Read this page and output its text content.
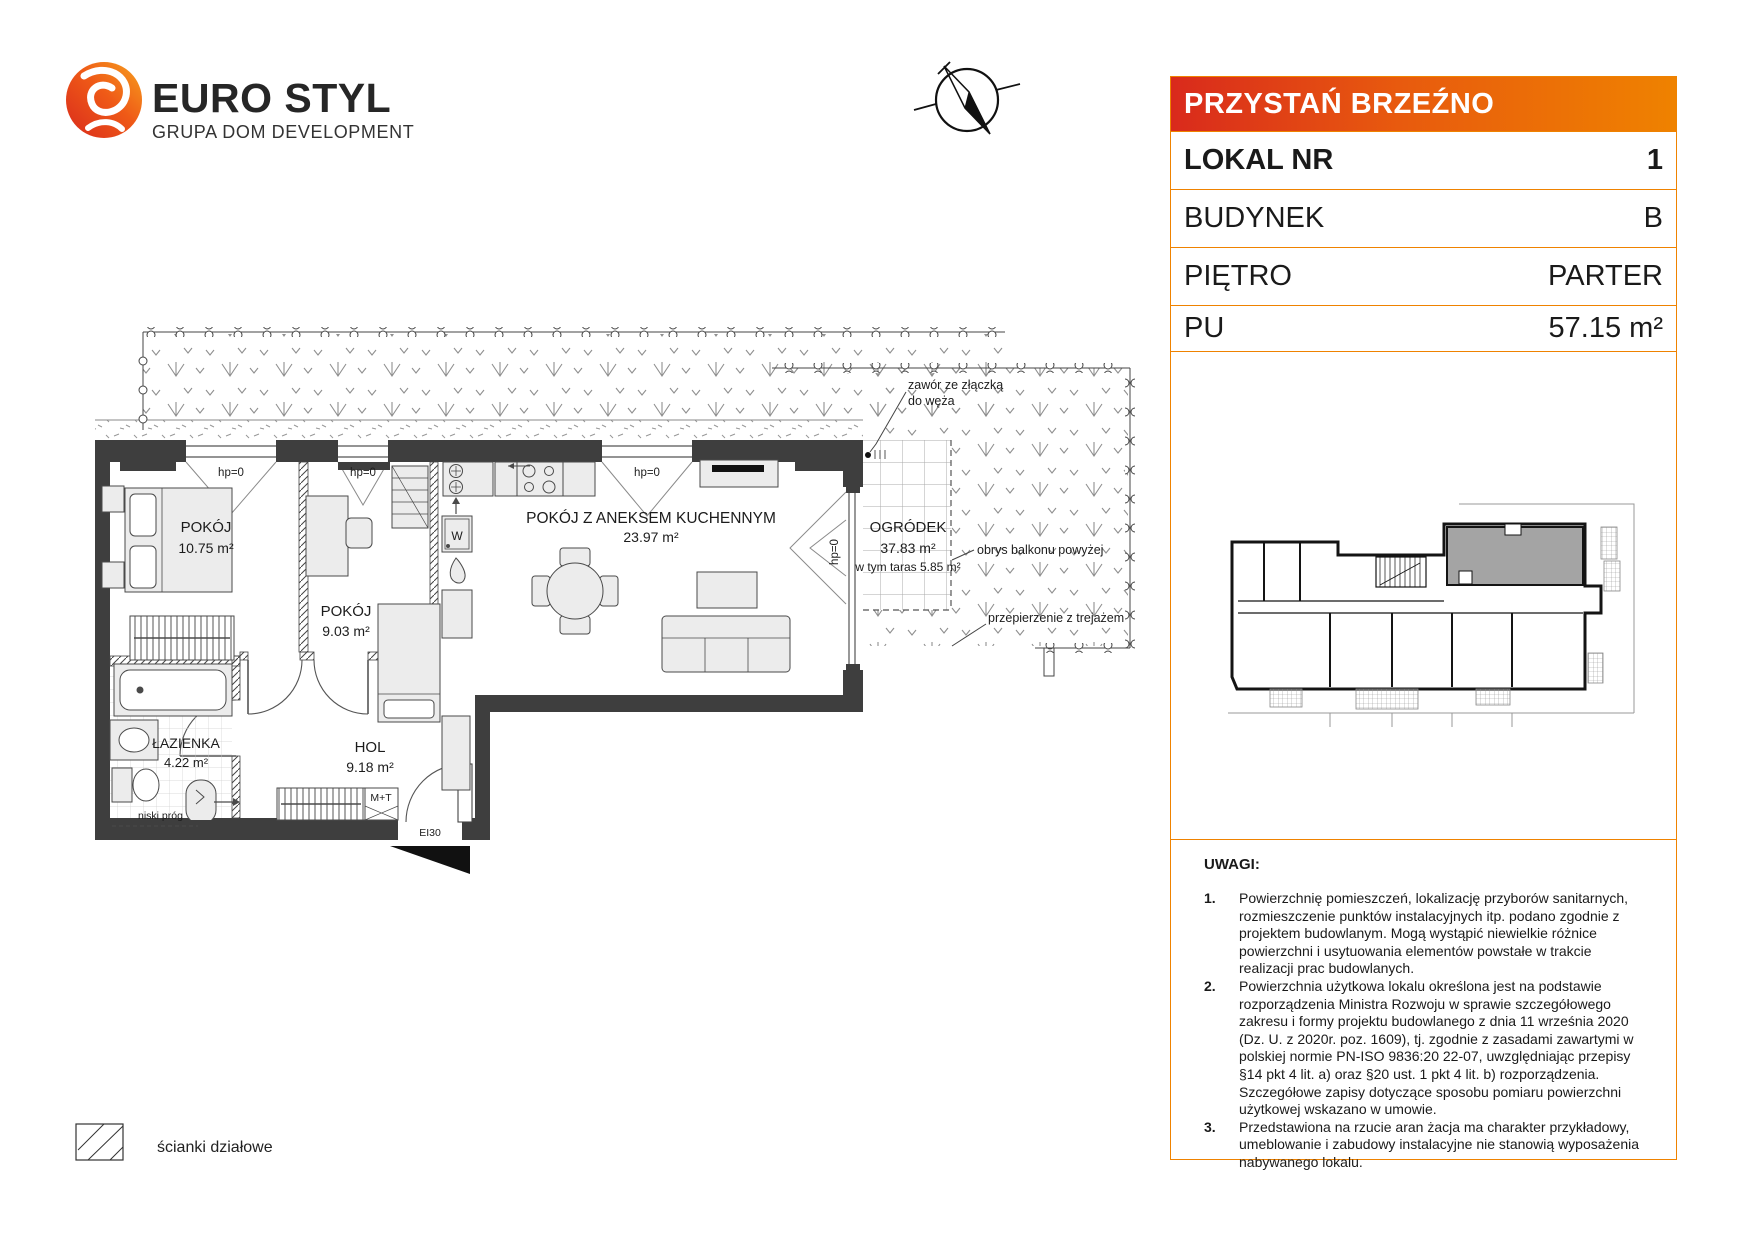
EURO STYL
GRUPA DOM DEVELOPMENT
POKÓJ
10.75 m²
POKÓJ
9.03 m²
POKÓJ Z ANEKSEM KUCHENNYM
23.97 m²
ŁAZIENKA
4.22 m²
HOL
9.18 m²
OGRÓDEK
37.83 m²
w tym taras 5.85 m²
hp=0	hp=0	hp=0
hp=0
zawór ze złączką
do węża
obrys balkonu powyżej
przepierzenie z trejażem
W
M+T
EI30
niski próg
ścianki działowe
PRZYSTAŃ BRZEŹNO
LOKAL NR	1
BUDYNEK	B
PIĘTRO	PARTER
PU	57.15 m²
UWAGI:
1.	Powierzchnię pomieszczeń, lokalizację przyborów sanitarnych, rozmieszczenie punktów instalacyjnych itp. podano zgodnie z projektem budowlanym. Mogą wystąpić niewielkie różnice powierzchni i usytuowania elementów powstałe w trakcie realizacji prac budowlanych.
2.	Powierzchnia użytkowa lokalu określona jest na podstawie rozporządzenia Ministra Rozwoju w sprawie szczegółowego zakresu i formy projektu budowlanego z dnia 11 września 2020 (Dz. U. z 2020r. poz. 1609), tj. zgodnie z zasadami zawartymi w polskiej normie PN-ISO 9836:20 22-07, uwzględniając przepisy §14 pkt 4 lit. a) oraz §20 ust. 1 pkt 4 lit. b) rozporządzenia. Szczegółowe zapisy dotyczące sposobu pomiaru powierzchni użytkowej wskazano w umowie.
3.	Przedstawiona na rzucie aran żacja ma charakter przykładowy, umeblowanie i zabudowy instalacyjne nie stanowią wyposażenia nabywanego lokalu.
